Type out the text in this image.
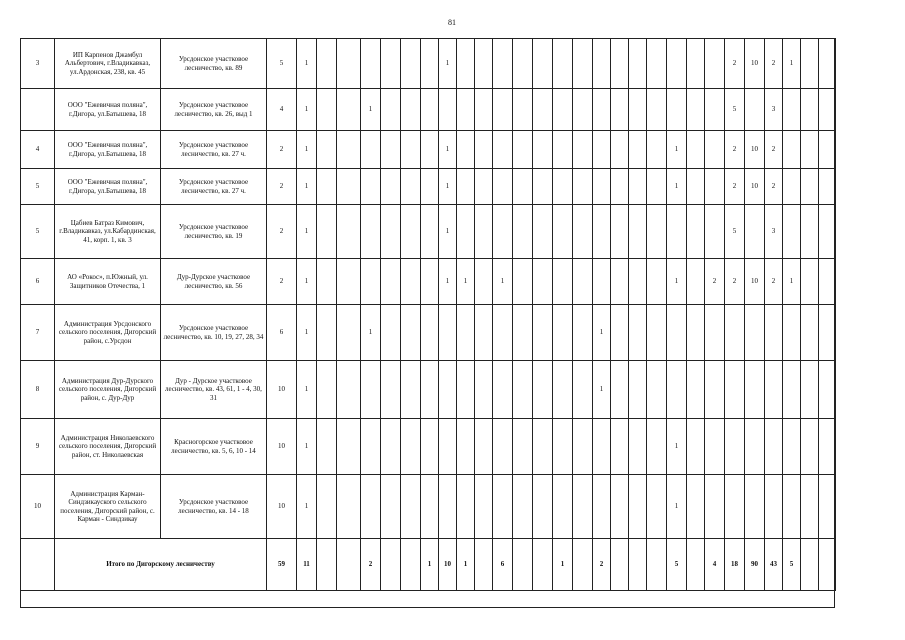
81
3	ИП Карпенов Джамбул Альбертович, г.Владикавказ, ул.Ардонская, 238, кв. 45	Урсдонское участковое лесничество, кв. 89	5	1							1															2	10	2	1			
	ООО "Ежевичная поляна", г.Дигора, ул.Батышева, 18	Урсдонское участковое лесничество, кв. 26, выд 1	4	1			1																			5		3				
4	ООО "Ежевичная поляна", г.Дигора, ул.Батышева, 18	Урсдонское участковое лесничество, кв. 27 ч.	2	1							1												1			2	10	2				
5	ООО "Ежевичная поляна", г.Дигора, ул.Батышева, 18	Урсдонское участковое лесничество, кв. 27 ч.	2	1							1												1			2	10	2				
5	Цабиев Батраз Кимович, г.Владикавказ, ул.Кабардинская, 41, корп. 1, кв. 3	Урсдонское участковое лесничество, кв. 19	2	1							1															5		3				
6	АО «Рокос», п.Южный, ул. Защитников Отечества, 1	Дур-Дурское участковое лесничество, кв. 56	2	1							1	1		1									1		2	2	10	2	1			
7	Администрация Урсдонского сельского поселения, Дигорский район, с.Урсдон	Урсдонское участковое лесничество, кв. 10, 19, 27, 28, 34	6	1			1												1													
8	Администрация Дур-Дурского сельского поселения, Дигорский район, с. Дур-Дур	Дур - Дурское участковое лесничество, кв. 43, 61, 1 - 4, 30, 31	10	1															1													
9	Администрация Николаевского сельского поселения, Дигорский район, ст. Николаевская	Красногорское участковое лесничество, кв. 5, 6, 10 - 14	10	1																			1									
10	Администрация Карман-Синдзикауского сельского поселения, Дигорский район, с. Карман - Синдзикау	Урсдонское участковое лесничество, кв. 14 - 18	10	1																			1									
	Итого по Дигорскому лесничеству		59	11			2			1	10	1		6			1		2				5		4	18	90	43	5			
